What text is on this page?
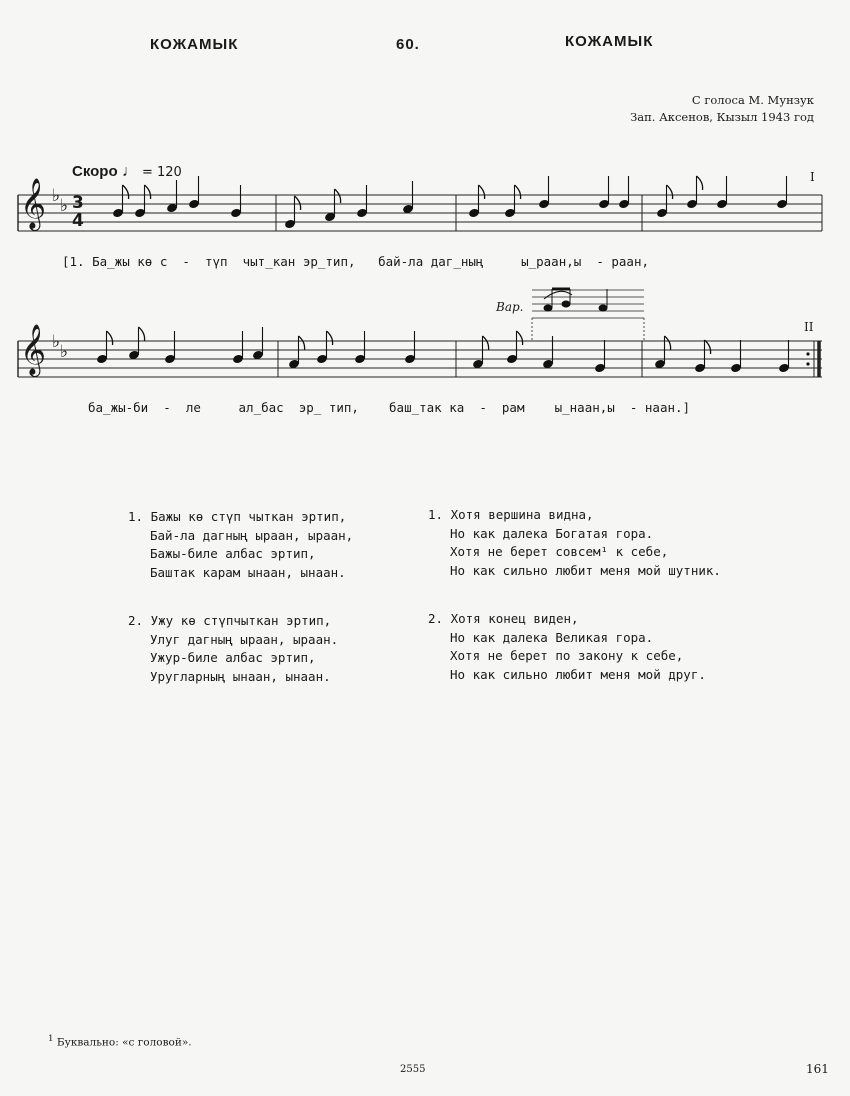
КОЖАМЫК	60.	КОЖАМЫК
С голоса М. Мунзук
Зап. Аксенов, Кызыл 1943 год
Скоро ♩ = 120	I
𝄞 ♭ ♭ 3
4
[1. Ба_жы кө с  -  түп  чыт_кан эр_тип,   бай-ла даг_ның     ы_раан,ы  - раан,
Вар.
II
𝄞 ♭ ♭
ба_жы-би  -  ле     ал_бас  эр_ тип,    баш_так ка  -  рам    ы_наан,ы  - наан.]
1. Бажы кө стүп чыткан эртип,
Бай-ла дагның ыраан, ыраан,
Бажы-биле албас эртип,
Баштак карам ынаан, ынаан.
2. Ужу кө стүпчыткан эртип,
Улуг дагның ыраан, ыраан.
Ужур-биле албас эртип,
Уругларның ынаан, ынаан.
1. Хотя вершина видна,
Но как далека Богатая гора.
Хотя не берет совсем¹ к себе,
Но как сильно любит меня мой шутник.
2. Хотя конец виден,
Но как далека Великая гора.
Хотя не берет по закону к себе,
Но как сильно любит меня мой друг.
$^1$ Буквально: «с головой».
2555	161
